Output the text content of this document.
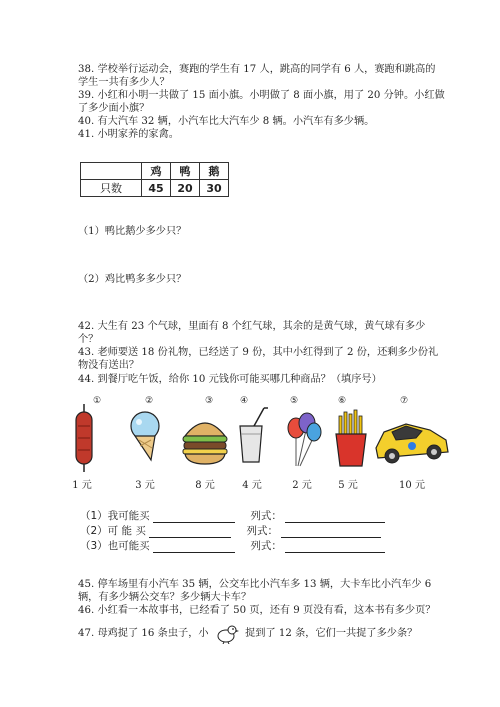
38. 学校举行运动会，赛跑的学生有 17 人，跳高的同学有 6 人，赛跑和跳高的
学生一共有多少人？
39. 小红和小明一共做了 15 面小旗。小明做了 8 面小旗，用了 20 分钟。小红做
了多少面小旗？
40. 有大汽车 32 辆，小汽车比大汽车少 8 辆。小汽车有多少辆。
41. 小明家养的家禽。
	鸡	鸭	鹅
只数	45	20	30
（1）鸭比鹅少多少只？
（2）鸡比鸭多多少只？
42. 大生有 23 个气球，里面有 8 个红气球，其余的是黄气球，黄气球有多少
个？
43. 老师要送 18 份礼物，已经送了 9 份，其中小红得到了 2 份，还剩多少份礼
物没有送出？
44. 到餐厅吃午饭，给你 10 元钱你可能买哪几种商品？（填序号）
①
1 元
②
3 元
③
8 元
④
4 元
⑤
2 元
⑥
5 元
⑦
10 元
（1）我可能买	列式：
（2）可 能 买	列式：
（3）也可能买	列式：
45. 停车场里有小汽车 35 辆，公交车比小汽车多 13 辆，大卡车比小汽车少 6
辆，有多少辆公交车？多少辆大卡车？
46. 小红看一本故事书，已经看了 50 页，还有 9 页没有看，这本书有多少页？
47. 母鸡捉了 16 条虫子，小	捉到了 12 条，它们一共捉了多少条？
